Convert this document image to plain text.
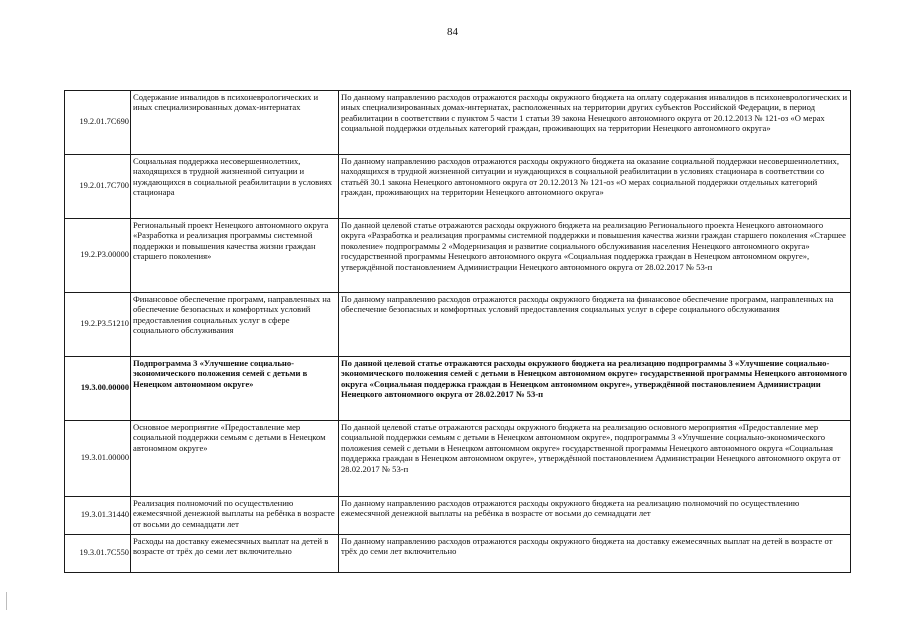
84
19.2.01.7С690	Содержание инвалидов в психоневрологических и иных специализированных домах-интернатах	По данному направлению расходов отражаются расходы окружного бюджета на оплату содержания инвалидов в психоневрологических и иных специализированных домах-интернатах, расположенных на территории других субъектов Российской Федерации, в период реабилитации в соответствии с пунктом 5 части 1 статьи 39 закона Ненецкого автономного округа от 20.12.2013 № 121-оз «О мерах социальной поддержки отдельных категорий граждан, проживающих на территории Ненецкого автономного округа»
19.2.01.7С700	Социальная поддержка несовершеннолетних, находящихся в трудной жизненной ситуации и нуждающихся в социальной реабилитации в условиях стационара	По данному направлению расходов отражаются расходы окружного бюджета на оказание социальной поддержки несовершеннолетних, находящихся в трудной жизненной ситуации и нуждающихся в социальной реабилитации в условиях стационара в соответствии со статьёй 30.1 закона Ненецкого автономного округа от 20.12.2013 № 121-оз «О мерах социальной поддержки отдельных категорий граждан, проживающих на территории Ненецкого автономного округа»
19.2.Р3.00000	Региональный проект Ненецкого автономного округа «Разработка и реализация программы системной поддержки и повышения качества жизни граждан старшего поколения»	По данной целевой статье отражаются расходы окружного бюджета на реализацию Регионального проекта Ненецкого автономного округа «Разработка и реализация программы системной поддержки и повышения качества жизни граждан старшего поколения «Старшее поколение» подпрограммы 2 «Модернизация и развитие социального обслуживания населения Ненецкого автономного округа» государственной программы Ненецкого автономного округа «Социальная поддержка граждан в Ненецком автономном округе», утверждённой постановлением Администрации Ненецкого автономного округа от 28.02.2017 № 53-п
19.2.Р3.51210	Финансовое обеспечение программ, направленных на обеспечение безопасных и комфортных условий предоставления социальных услуг в сфере социального обслуживания	По данному направлению расходов отражаются расходы окружного бюджета на финансовое обеспечение программ, направленных на обеспечение безопасных и комфортных условий предоставления социальных услуг в сфере социального обслуживания
19.3.00.00000	Подпрограмма 3 «Улучшение социально-экономического положения семей с детьми в Ненецком автономном округе»	По данной целевой статье отражаются расходы окружного бюджета на реализацию подпрограммы 3 «Улучшение социально-экономического положения семей с детьми в Ненецком автономном округе» государственной программы Ненецкого автономного округа «Социальная поддержка граждан в Ненецком автономном округе», утверждённой постановлением Администрации Ненецкого автономного округа от 28.02.2017 № 53-п
19.3.01.00000	Основное мероприятие «Предоставление мер социальной поддержки семьям с детьми в Ненецком автономном округе»	По данной целевой статье отражаются расходы окружного бюджета на реализацию основного мероприятия «Предоставление мер социальной поддержки семьям с детьми в Ненецком автономном округе», подпрограммы 3 «Улучшение социально-экономического положения семей с детьми в Ненецком автономном округе» государственной программы Ненецкого автономного округа «Социальная поддержка граждан в Ненецком автономном округе», утверждённой постановлением Администрации Ненецкого автономного округа от 28.02.2017 № 53-п
19.3.01.31440	Реализация полномочий по осуществлению ежемесячной денежной выплаты на ребёнка в возрасте от восьми до семнадцати лет	По данному направлению расходов отражаются расходы окружного бюджета на реализацию полномочий по осуществлению ежемесячной денежной выплаты на ребёнка в возрасте от восьми до семнадцати лет
19.3.01.7С550	Расходы на доставку ежемесячных выплат на детей в возрасте от трёх до семи лет включительно	По данному направлению расходов отражаются расходы окружного бюджета на доставку ежемесячных выплат на детей в возрасте от трёх до семи лет включительно
